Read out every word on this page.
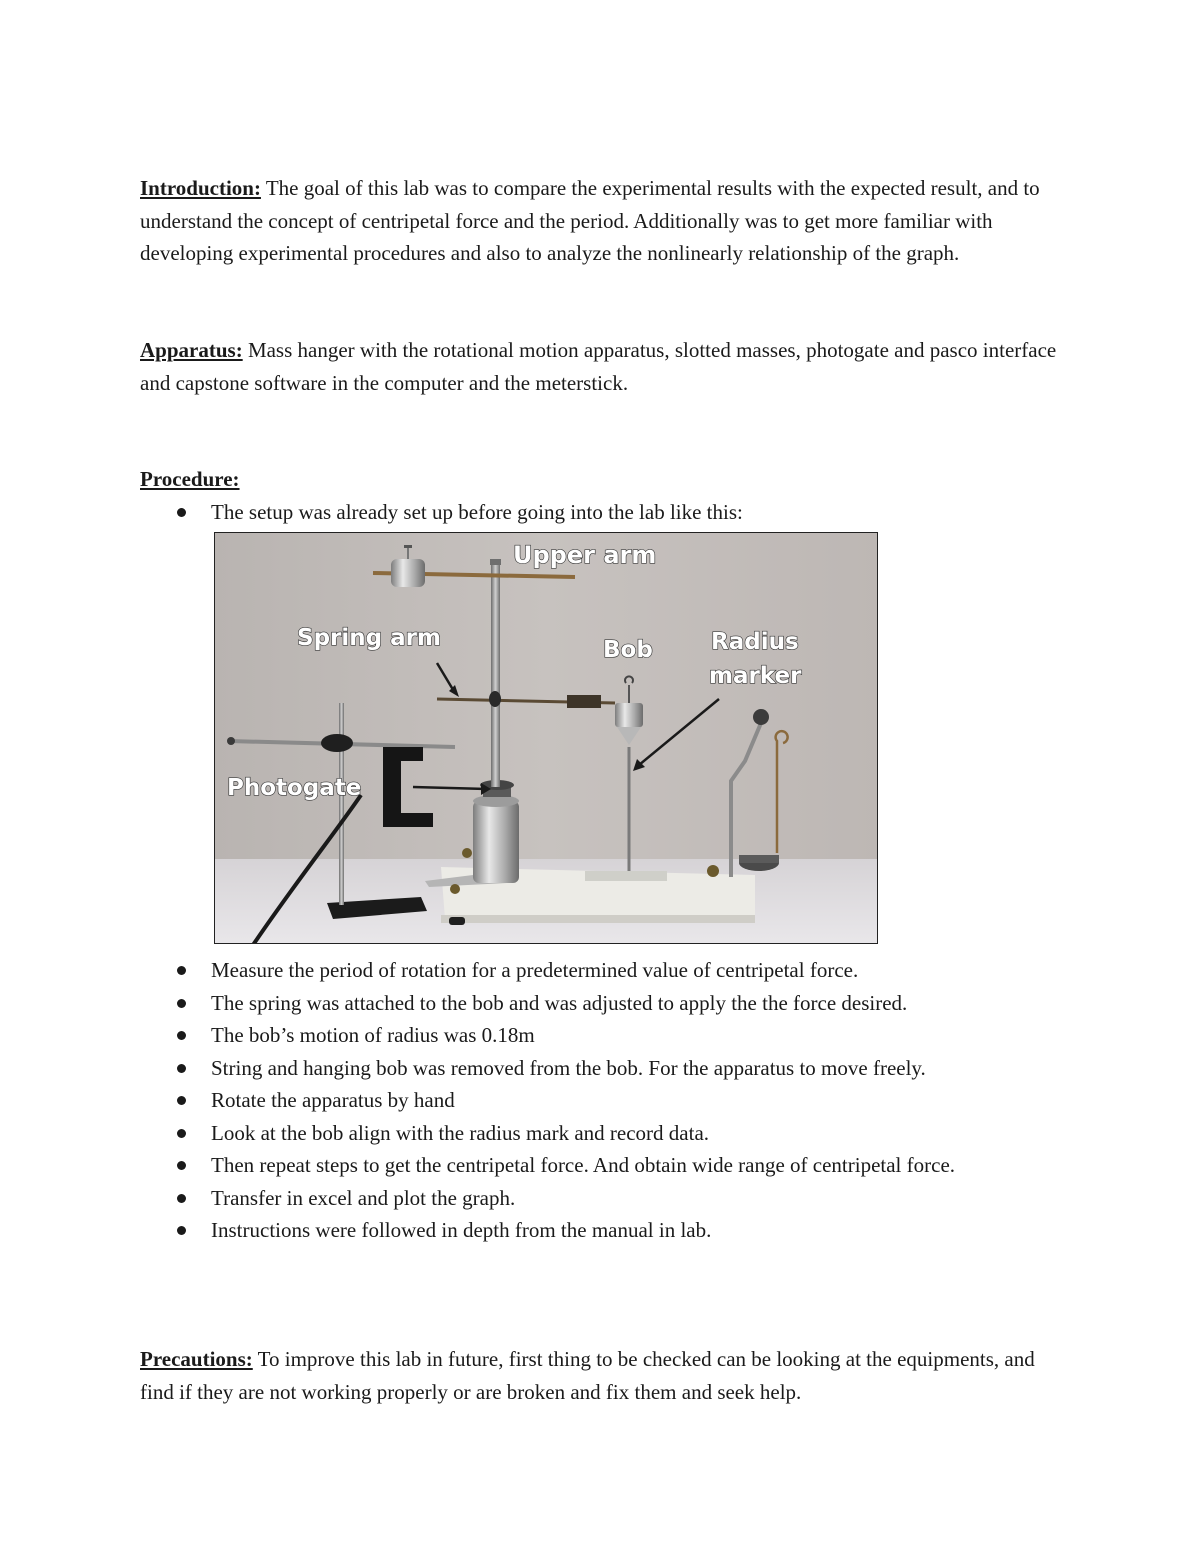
Introduction: The goal of this lab was to compare the experimental results with the expected result, and to understand the concept of centripetal force and the period. Additionally was to get more familiar with developing experimental procedures and also to analyze the nonlinearly relationship of the graph.

Apparatus: Mass hanger with the rotational motion apparatus, slotted masses, photogate and pasco interface and capstone software in the computer and the meterstick.

Procedure:

The setup was already set up before going into the lab like this:
Upper arm
Spring arm	Bob	Radius
marker
Photogate
Measure the period of rotation for a predetermined value of centripetal force.
The spring was attached to the bob and was adjusted to apply the the force desired.
The bob’s motion of radius was 0.18m
String and hanging bob was removed from the bob. For the apparatus to move freely.
Rotate the apparatus by hand
Look at the bob align with the radius mark and record data.
Then repeat steps to get the centripetal force. And obtain wide range of centripetal force.
Transfer in excel and plot the graph.
Instructions were followed in depth from the manual in lab.

Precautions: To improve this lab in future, first thing to be checked can be looking at the equipments, and find if they are not working properly or are broken and fix them and seek help.
